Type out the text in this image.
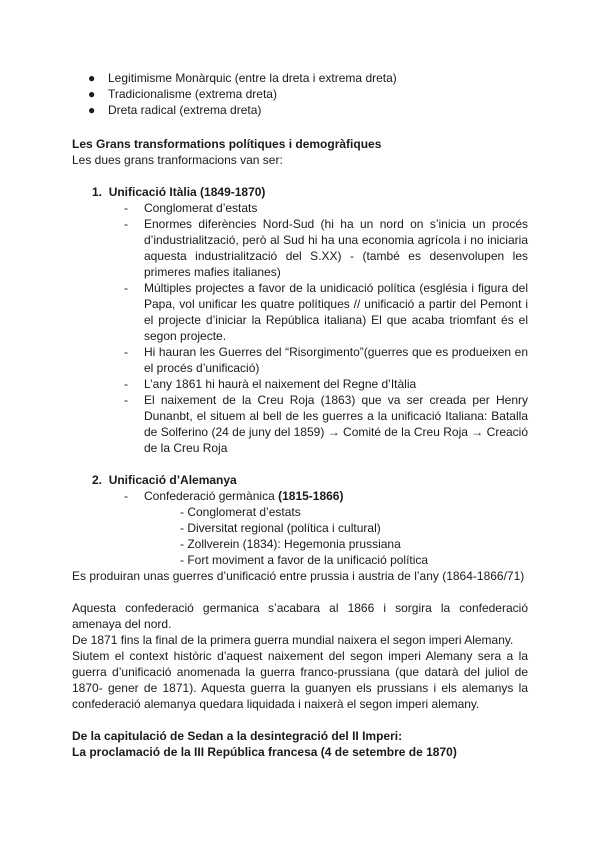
● Legitimisme Monàrquic (entre la dreta i extrema dreta)
● Tradicionalisme (extrema dreta)
● Dreta radical (extrema dreta)
Les Grans transformations polítiques i demogràfiques
Les dues grans tranformacions van ser:
1. Unificació Itàlia (1849-1870)
- Conglomerat d’estats
- Enormes diferències Nord-Sud (hi ha un nord on s’inicia un procés d’industrialització, però al Sud hi ha una economia agrícola i no iniciaria aquesta industrialització del S.XX) - (també es desenvolupen les primeres mafies italianes)
- Múltiples projectes a favor de la unidicació política (església i figura del Papa, vol unificar les quatre polítiques // unificació a partir del Pemont i el projecte d’iniciar la República italiana) El que acaba triomfant és el segon projecte.
- Hi hauran les Guerres del “Risorgimento”(guerres que es produeixen en el procés d’unificació)
- L’any 1861 hi haurà el naixement del Regne d’Itàlia
- El naixement de la Creu Roja (1863) que va ser creada per Henry Dunanbt, el situem al bell de les guerres a la unificació Italiana: Batalla de Solferino (24 de juny del 1859) → Comité de la Creu Roja → Creació de la Creu Roja
2. Unificació d’Alemanya
- Confederació germànica (1815-1866)
- Conglomerat d’estats
- Diversitat regional (política i cultural)
- Zollverein (1834): Hegemonia prussiana
- Fort moviment a favor de la unificació política
Es produiran unas guerres d’unificació entre prussia i austria de l’any (1864-1866/71)
Aquesta confederació germanica s’acabara al 1866 i sorgira la confederació amenaya del nord.
De 1871 fins la final de la primera guerra mundial naixera el segon imperi Alemany.
Siutem el context històric d’aquest naixement del segon imperi Alemany sera a la guerra d’unificació anomenada la guerra franco-prussiana (que datarà del juliol de 1870- gener de 1871). Aquesta guerra la guanyen els prussians i els alemanys la confederació alemanya quedara liquidada i naixerà el segon imperi alemany.
De la capitulació de Sedan a la desintegració del II Imperi:
La proclamació de la III República francesa (4 de setembre de 1870)
